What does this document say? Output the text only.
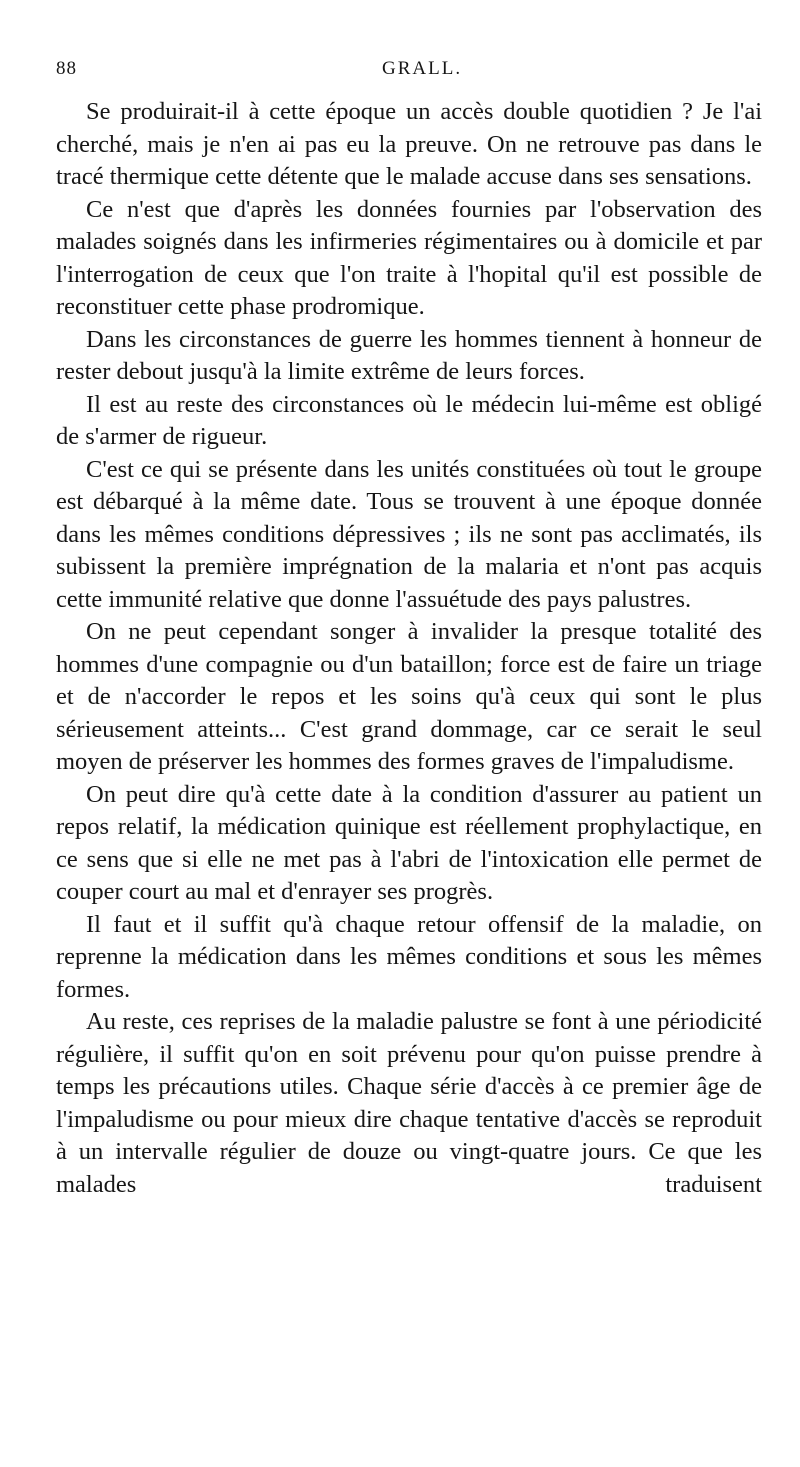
88	GRALL.

Se produirait-il à cette époque un accès double quotidien ? Je l'ai cherché, mais je n'en ai pas eu la preuve. On ne retrouve pas dans le tracé thermique cette détente que le malade accuse dans ses sensations.

Ce n'est que d'après les données fournies par l'observation des malades soignés dans les infirmeries régimentaires ou à domicile et par l'interrogation de ceux que l'on traite à l'hopital qu'il est possible de reconstituer cette phase prodromique.

Dans les circonstances de guerre les hommes tiennent à honneur de rester debout jusqu'à la limite extrême de leurs forces.

Il est au reste des circonstances où le médecin lui-même est obligé de s'armer de rigueur.

C'est ce qui se présente dans les unités constituées où tout le groupe est débarqué à la même date. Tous se trouvent à une époque donnée dans les mêmes conditions dépressives ; ils ne sont pas acclimatés, ils subissent la première imprégnation de la malaria et n'ont pas acquis cette immunité relative que donne l'assuétude des pays palustres.

On ne peut cependant songer à invalider la presque totalité des hommes d'une compagnie ou d'un bataillon; force est de faire un triage et de n'accorder le repos et les soins qu'à ceux qui sont le plus sérieusement atteints... C'est grand dommage, car ce serait le seul moyen de préserver les hommes des formes graves de l'impaludisme.

On peut dire qu'à cette date à la condition d'assurer au patient un repos relatif, la médication quinique est réellement prophylactique, en ce sens que si elle ne met pas à l'abri de l'intoxication elle permet de couper court au mal et d'enrayer ses progrès.

Il faut et il suffit qu'à chaque retour offensif de la maladie, on reprenne la médication dans les mêmes conditions et sous les mêmes formes.

Au reste, ces reprises de la maladie palustre se font à une périodicité régulière, il suffit qu'on en soit prévenu pour qu'on puisse prendre à temps les précautions utiles. Chaque série d'accès à ce premier âge de l'impaludisme ou pour mieux dire chaque tentative d'accès se reproduit à un intervalle régulier de douze ou vingt-quatre jours. Ce que les malades traduisent
